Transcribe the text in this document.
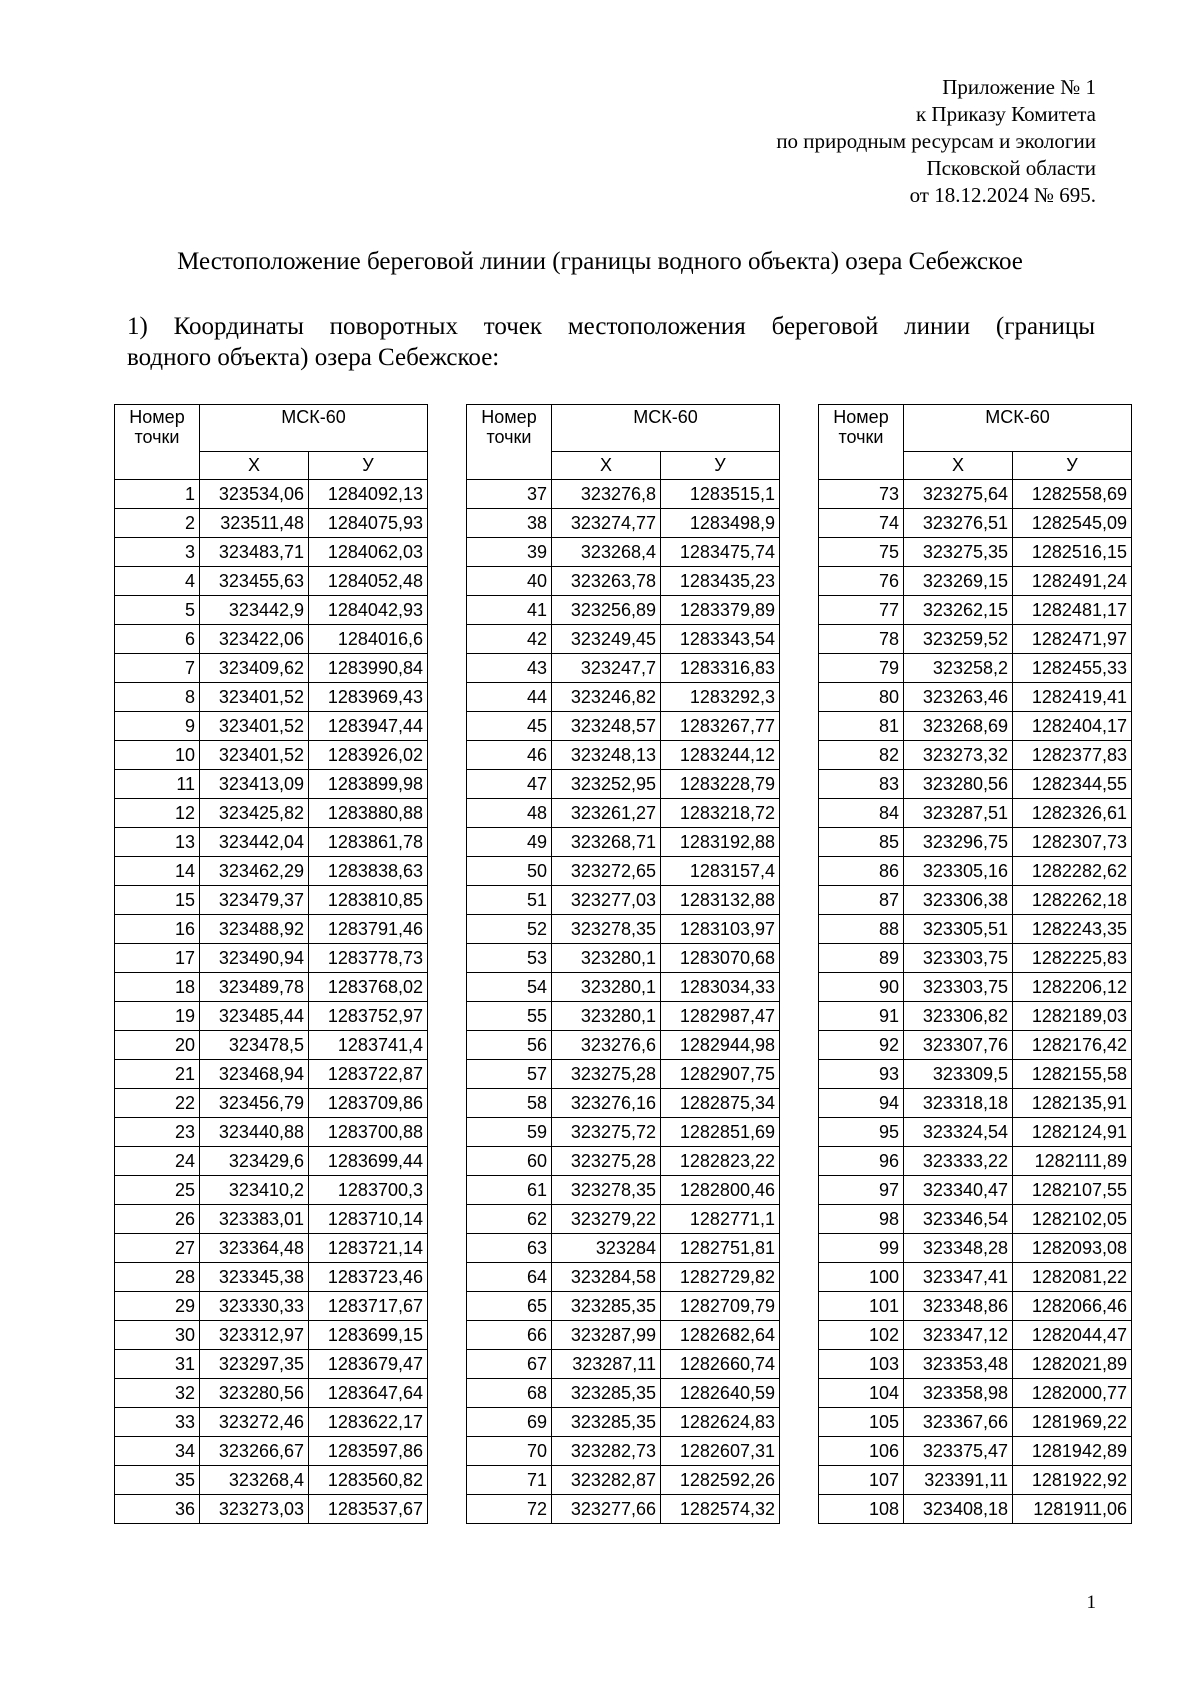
Приложение № 1
к Приказу Комитета
по природным ресурсам и экологии
Псковской области
от 18.12.2024 № 695.
Местоположение береговой линии (границы водного объекта) озера Себежское
1) Координаты поворотных точек местоположения береговой линии (границы
водного объекта) озера Себежское:
Номер точки	МСК-60	
	Х	У
1	323534,06	1284092,13
2	323511,48	1284075,93
3	323483,71	1284062,03
4	323455,63	1284052,48
5	323442,9	1284042,93
6	323422,06	1284016,6
7	323409,62	1283990,84
8	323401,52	1283969,43
9	323401,52	1283947,44
10	323401,52	1283926,02
11	323413,09	1283899,98
12	323425,82	1283880,88
13	323442,04	1283861,78
14	323462,29	1283838,63
15	323479,37	1283810,85
16	323488,92	1283791,46
17	323490,94	1283778,73
18	323489,78	1283768,02
19	323485,44	1283752,97
20	323478,5	1283741,4
21	323468,94	1283722,87
22	323456,79	1283709,86
23	323440,88	1283700,88
24	323429,6	1283699,44
25	323410,2	1283700,3
26	323383,01	1283710,14
27	323364,48	1283721,14
28	323345,38	1283723,46
29	323330,33	1283717,67
30	323312,97	1283699,15
31	323297,35	1283679,47
32	323280,56	1283647,64
33	323272,46	1283622,17
34	323266,67	1283597,86
35	323268,4	1283560,82
36	323273,03	1283537,67
Номер точки	МСК-60	
	Х	У
37	323276,8	1283515,1
38	323274,77	1283498,9
39	323268,4	1283475,74
40	323263,78	1283435,23
41	323256,89	1283379,89
42	323249,45	1283343,54
43	323247,7	1283316,83
44	323246,82	1283292,3
45	323248,57	1283267,77
46	323248,13	1283244,12
47	323252,95	1283228,79
48	323261,27	1283218,72
49	323268,71	1283192,88
50	323272,65	1283157,4
51	323277,03	1283132,88
52	323278,35	1283103,97
53	323280,1	1283070,68
54	323280,1	1283034,33
55	323280,1	1282987,47
56	323276,6	1282944,98
57	323275,28	1282907,75
58	323276,16	1282875,34
59	323275,72	1282851,69
60	323275,28	1282823,22
61	323278,35	1282800,46
62	323279,22	1282771,1
63	323284	1282751,81
64	323284,58	1282729,82
65	323285,35	1282709,79
66	323287,99	1282682,64
67	323287,11	1282660,74
68	323285,35	1282640,59
69	323285,35	1282624,83
70	323282,73	1282607,31
71	323282,87	1282592,26
72	323277,66	1282574,32
Номер точки	МСК-60	
	Х	У
73	323275,64	1282558,69
74	323276,51	1282545,09
75	323275,35	1282516,15
76	323269,15	1282491,24
77	323262,15	1282481,17
78	323259,52	1282471,97
79	323258,2	1282455,33
80	323263,46	1282419,41
81	323268,69	1282404,17
82	323273,32	1282377,83
83	323280,56	1282344,55
84	323287,51	1282326,61
85	323296,75	1282307,73
86	323305,16	1282282,62
87	323306,38	1282262,18
88	323305,51	1282243,35
89	323303,75	1282225,83
90	323303,75	1282206,12
91	323306,82	1282189,03
92	323307,76	1282176,42
93	323309,5	1282155,58
94	323318,18	1282135,91
95	323324,54	1282124,91
96	323333,22	1282111,89
97	323340,47	1282107,55
98	323346,54	1282102,05
99	323348,28	1282093,08
100	323347,41	1282081,22
101	323348,86	1282066,46
102	323347,12	1282044,47
103	323353,48	1282021,89
104	323358,98	1282000,77
105	323367,66	1281969,22
106	323375,47	1281942,89
107	323391,11	1281922,92
108	323408,18	1281911,06
1
